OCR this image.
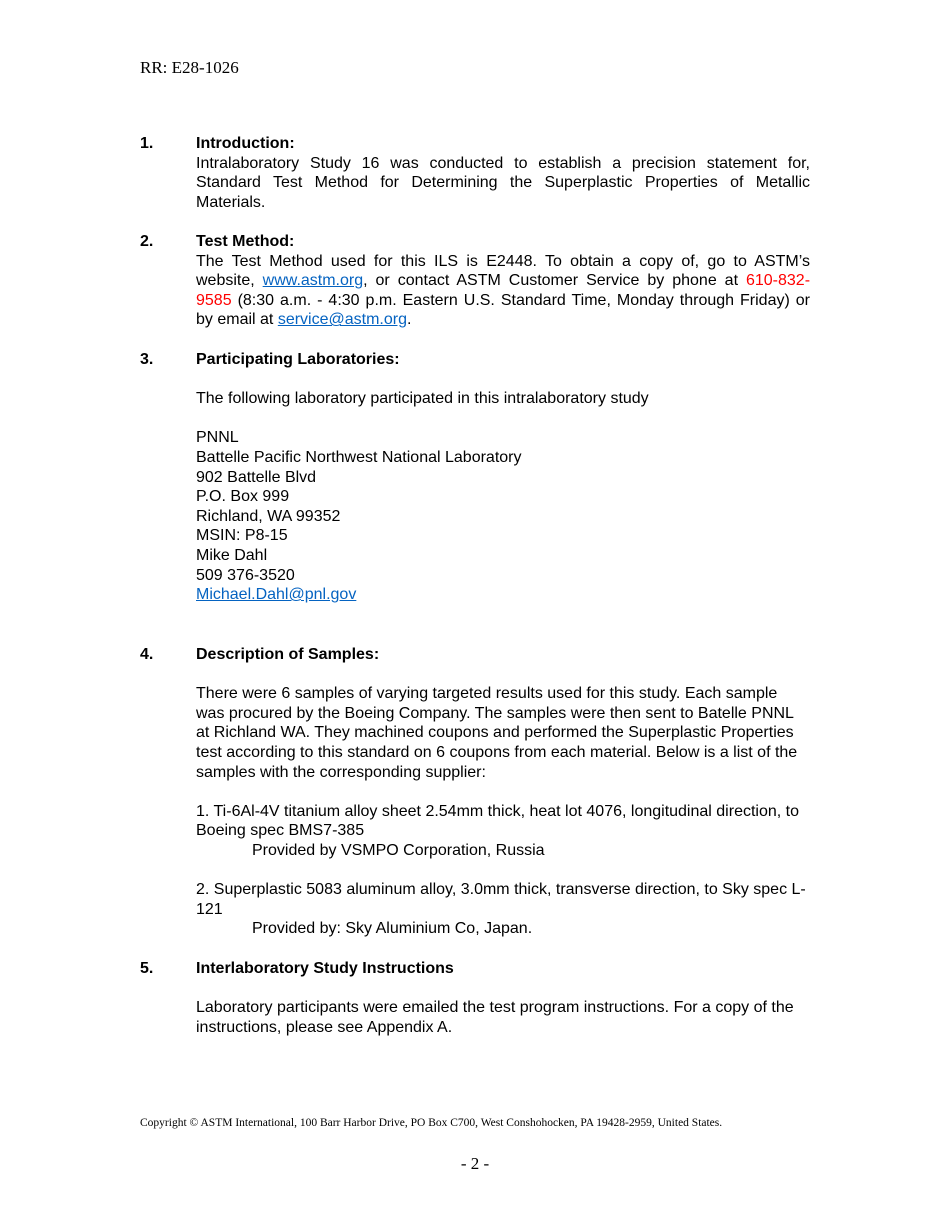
RR: E28-1026
1.	Introduction:
Intralaboratory Study 16 was conducted to establish a precision statement for, Standard Test Method for Determining the Superplastic Properties of Metallic Materials.
2.	Test Method:
The Test Method used for this ILS is E2448. To obtain a copy of, go to ASTM’s website, www.astm.org, or contact ASTM Customer Service by phone at 610-832-9585 (8:30 a.m. - 4:30 p.m. Eastern U.S. Standard Time, Monday through Friday) or by email at service@astm.org.
3.	Participating Laboratories:
The following laboratory participated in this intralaboratory study
PNNL
Battelle Pacific Northwest National Laboratory
902 Battelle Blvd
P.O. Box 999
Richland, WA 99352
MSIN: P8-15
Mike Dahl
509 376-3520
Michael.Dahl@pnl.gov
4.	Description of Samples:
There were 6 samples of varying targeted results used for this study. Each sample was procured by the Boeing Company. The samples were then sent to Batelle PNNL at Richland WA. They machined coupons and performed the Superplastic Properties test according to this standard on 6 coupons from each material. Below is a list of the samples with the corresponding supplier:
1. Ti-6Al-4V titanium alloy sheet 2.54mm thick, heat lot 4076, longitudinal direction, to Boeing spec BMS7-385
Provided by VSMPO Corporation, Russia
2. Superplastic 5083 aluminum alloy, 3.0mm thick, transverse direction, to Sky spec L-121
Provided by: Sky Aluminium Co, Japan.
5.	Interlaboratory Study Instructions
Laboratory participants were emailed the test program instructions. For a copy of the instructions, please see Appendix A.
Copyright © ASTM International, 100 Barr Harbor Drive, PO Box C700, West Conshohocken, PA 19428-2959, United States.
- 2 -
